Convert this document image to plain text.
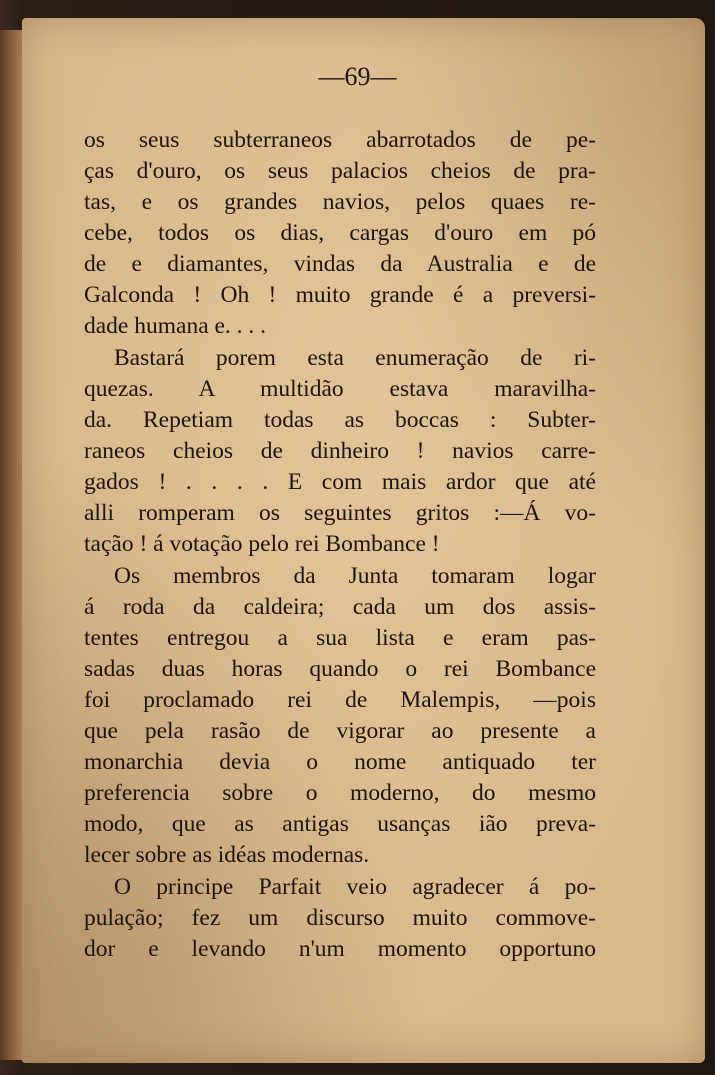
—69—
os seus subterraneos abarrotados de pe-
ças d'ouro, os seus palacios cheios de pra-
tas, e os grandes navios, pelos quaes re-
cebe, todos os dias, cargas d'ouro em pó
de e diamantes, vindas da Australia e de
Galconda ! Oh ! muito grande é a preversi-
dade humana e. . . .
Bastará porem esta enumeração de ri-
quezas. A multidão estava maravilha-
da. Repetiam todas as boccas : Subter-
raneos cheios de dinheiro ! navios carre-
gados ! . . . . E com mais ardor que até
alli romperam os seguintes gritos :—Á vo-
tação ! á votação pelo rei Bombance !
Os membros da Junta tomaram logar
á roda da caldeira; cada um dos assis-
tentes entregou a sua lista e eram pas-
sadas duas horas quando o rei Bombance
foi proclamado rei de Malempis, —pois
que pela rasão de vigorar ao presente a
monarchia devia o nome antiquado ter
preferencia sobre o moderno, do mesmo
modo, que as antigas usanças ião preva-
lecer sobre as idéas modernas.
O principe Parfait veio agradecer á po-
pulação; fez um discurso muito commove-
dor e levando n'um momento opportuno
